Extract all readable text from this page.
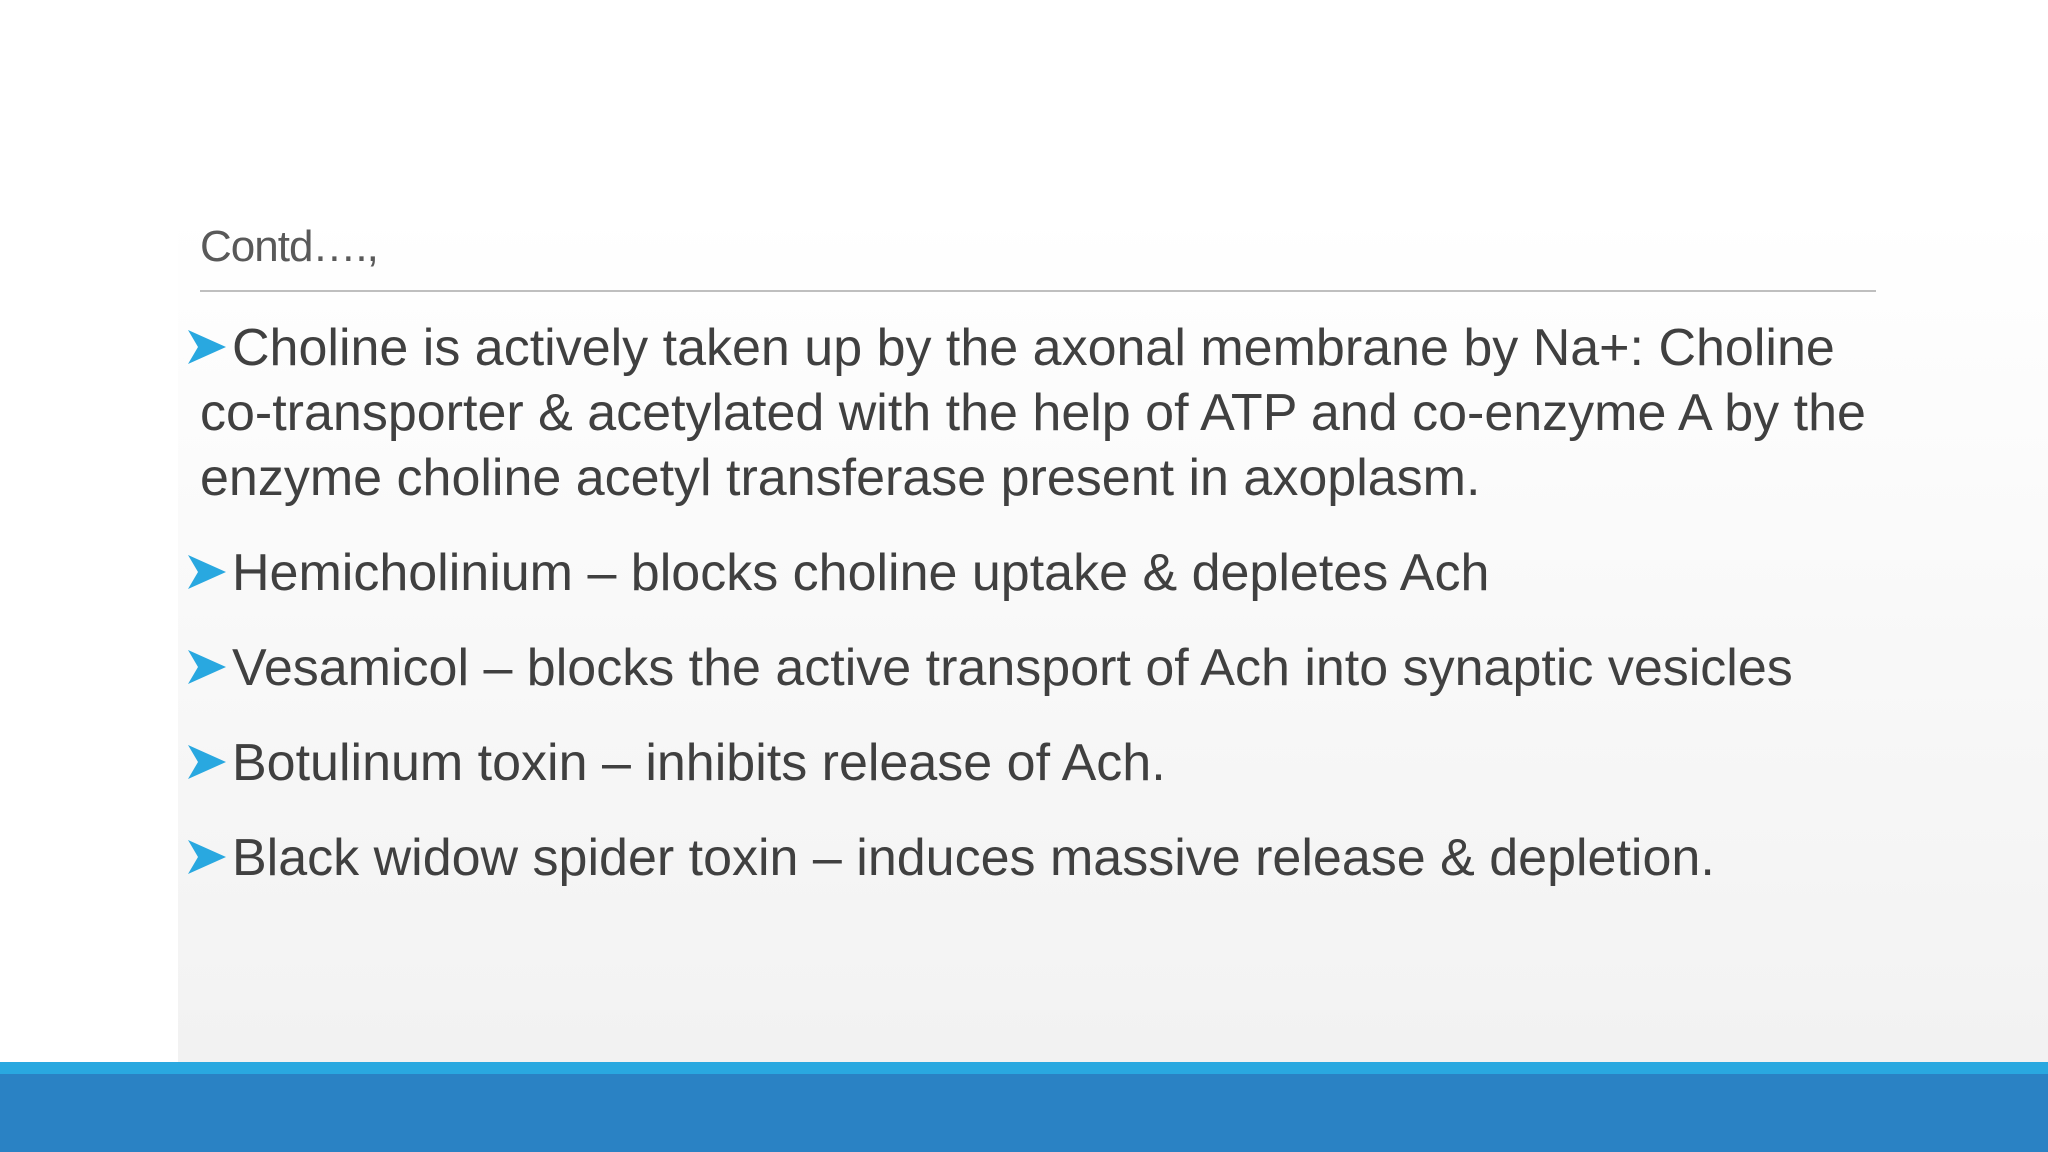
Contd….,
Choline is actively taken up by the axonal membrane by Na+: Choline co-transporter & acetylated with the help of ATP and co-enzyme A by the enzyme choline acetyl transferase present in axoplasm.
Hemicholinium – blocks choline uptake & depletes Ach
Vesamicol – blocks the active transport of Ach into synaptic vesicles
Botulinum toxin – inhibits release of Ach.
Black widow spider toxin – induces massive release & depletion.
